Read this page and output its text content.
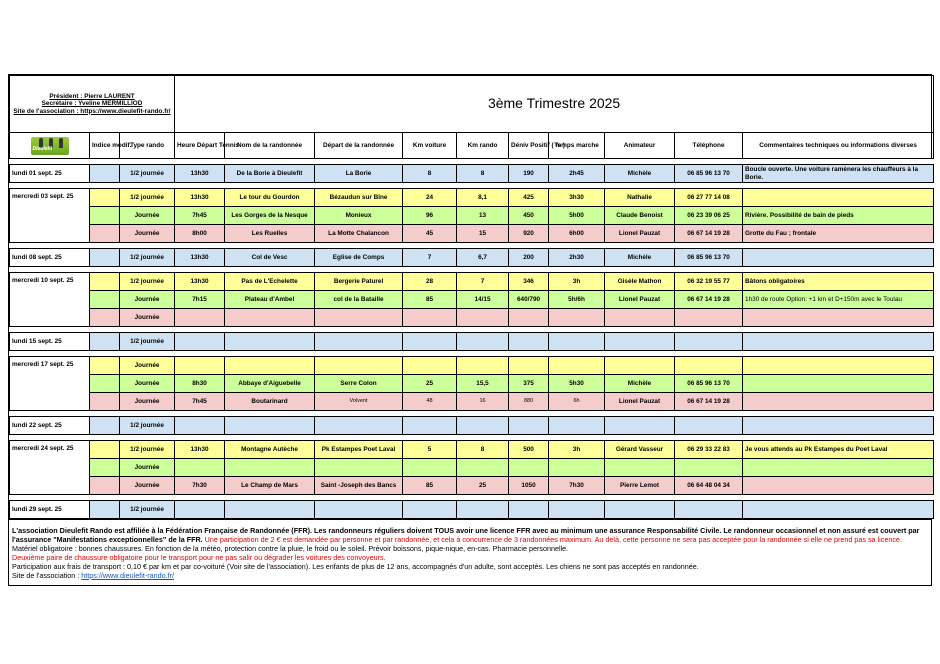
Président : Pierre LAURENT
Secrétaire : Yveline MERMILLIOD
Site de l'association : https://www.dieulefit-rando.fr/			3ème Trimestre 2025									

Dieulefit	Indice modif.	Type rando	Heure Départ Tennis	Nom de la randonnée	Départ de la randonnée	Km voiture	Km rando	Déniv Positif ( m )	Temps marche	Animateur	Téléphone	Commentaires techniques ou informations diverses

lundi 01 sept. 25		1/2 journée	13h30	De la Borie à Dieulefit	La Borie	8	8	190	2h45	Michèle	06 85 96 13 70	Boucle ouverte. Une voiture ramènera les chauffeurs à la Borie.

mercredi 03 sept. 25		1/2 journée	13h30	Le tour du Gourdon	Bézaudun sur Bîne	24	8,1	425	3h30	Nathalie	06 27 77 14 08	
		Journée	7h45	Les Gorges de la Nesque	Monieux	96	13	450	5h00	Claude Benoist	06 23 39 06 25	Rivière. Possibilité de bain de pieds
		Journée	8h00	Les Ruelles	La Motte Chalancon	45	15	920	6h00	Lionel Pauzat	06 67 14 19 28	Grotte du Fau ; frontale

lundi 08 sept. 25		1/2 journée	13h30	Col de Vesc	Eglise de Comps	7	6,7	200	2h30	Michèle	06 85 96 13 70	

mercredi 10 sept. 25		1/2 journée	13h30	Pas de L'Echelette	Bergerie Paturel	28	7	346	3h	Gisèle Mathon	06 32 19 55 77	Bâtons obligatoires
		Journée	7h15	Plateau d'Ambel	col de la Bataille	85	14/15	640/790	5h/6h	Lionel Pauzat	06 67 14 19 28	1h30 de route Option: +1 km et D+150m avec le Toulau
		Journée										

lundi 15 sept. 25		1/2 journée										

mercredi 17 sept. 25		Journée										
		Journée	8h30	Abbaye d'Aiguebelle	Serre Colon	25	15,5	375	5h30	Michèle	06 85 96 13 70	
		Journée	7h45	Boutarinard	Volvent	48	16	880	6h	Lionel Pauzat	06 67 14 19 28	

lundi 22 sept. 25		1/2 journée										

mercredi 24 sept. 25		1/2 journée	13h30	Montagne Autèche	Pk Estampes Poet Laval	5	8	500	3h	Gérard Vasseur	06 29 33 22 83	Je vous attends au Pk Estampes du Poet Laval
		Journée										
		Journée	7h30	Le Champ de Mars	Saint -Joseph des Bancs	85	25	1050	7h30	Pierre Lemot	06 64 48 04 34	

lundi 29 sept. 25		1/2 journée										

L'association Dieulefit Rando est affiliée à la Fédération Française de Randonnée (FFR). Les randonneurs réguliers doivent TOUS avoir une licence FFR avec au minimum une assurance Responsabilité Civile. Le randonneur occasionnel et non assuré est couvert par l'assurance "Manifestations exceptionnelles" de la FFR. Une participation de 2 € est demandée par personne et par randonnée, et cela à concurrence de 3 randonnées maximum. Au delà, cette personne ne sera pas acceptée pour la randonnée si elle ne prend pas sa licence.

Matériel obligatoire : bonnes chaussures. En fonction de la météo, protection contre la pluie, le froid ou le soleil. Prévoir boissons, pique-nique, en-cas. Pharmacie personnelle.

Deuxième paire de chaussure obligatoire pour le transport pour ne pas salir ou dégrader les voitures des convoyeurs.

Participation aux frais de transport : 0,10 € par km et par co-voituré (Voir site de l'association). Les enfants de plus de 12 ans, accompagnés d'un adulte, sont acceptés. Les chiens ne sont pas acceptés en randonnée.

Site de l'association : https://www.dieulefit-rando.fr/
